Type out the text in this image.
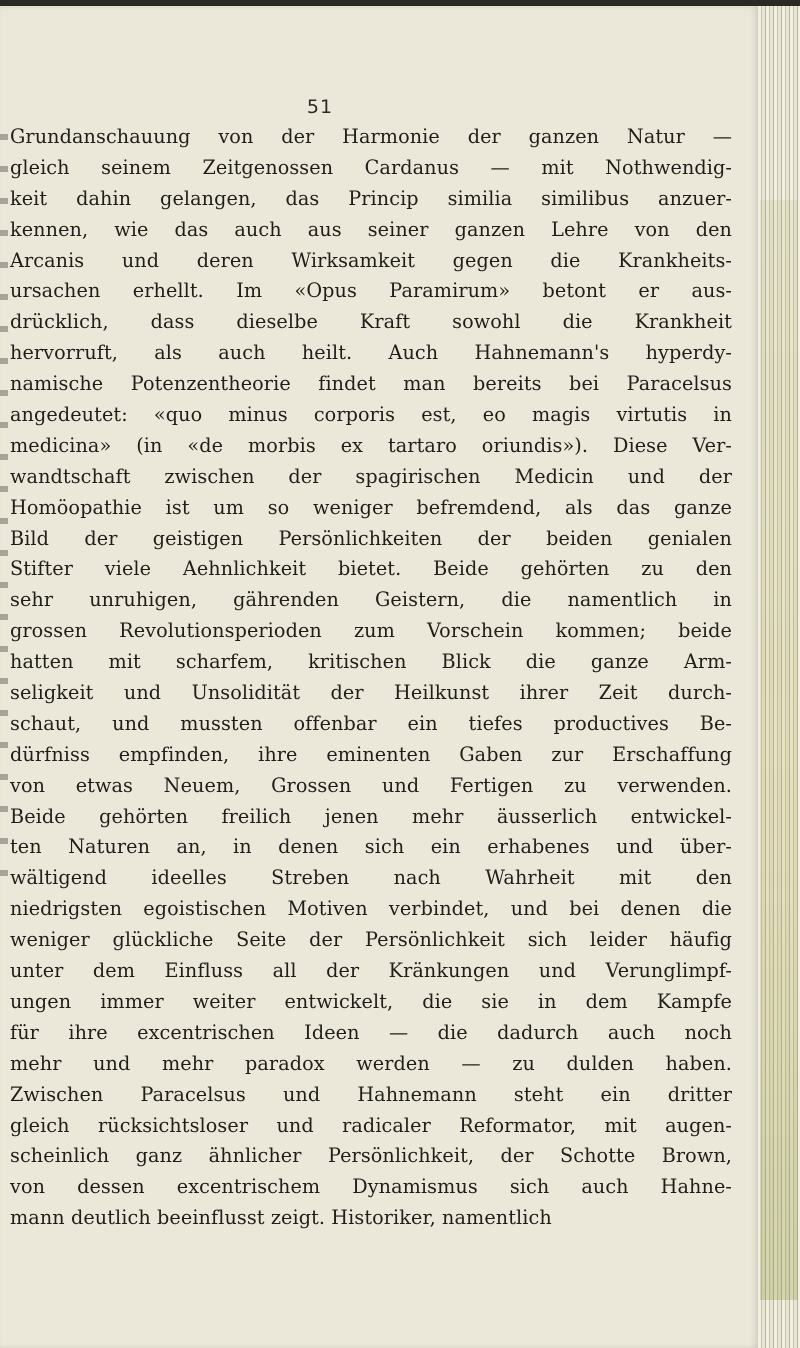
51
Grundanschauung von der Harmonie der ganzen Natur —
gleich seinem Zeitgenossen Cardanus — mit Nothwendig-
keit dahin gelangen, das Princip similia similibus anzuer-
kennen, wie das auch aus seiner ganzen Lehre von den
Arcanis und deren Wirksamkeit gegen die Krankheits-
ursachen erhellt. Im «Opus Paramirum» betont er aus-
drücklich, dass dieselbe Kraft sowohl die Krankheit
hervorruft, als auch heilt. Auch Hahnemann's hyperdy-
namische Potenzentheorie findet man bereits bei Paracelsus
angedeutet: «quo minus corporis est, eo magis virtutis in
medicina» (in «de morbis ex tartaro oriundis»). Diese Ver-
wandtschaft zwischen der spagirischen Medicin und der
Homöopathie ist um so weniger befremdend, als das ganze
Bild der geistigen Persönlichkeiten der beiden genialen
Stifter viele Aehnlichkeit bietet. Beide gehörten zu den
sehr unruhigen, gährenden Geistern, die namentlich in
grossen Revolutionsperioden zum Vorschein kommen; beide
hatten mit scharfem, kritischen Blick die ganze Arm-
seligkeit und Unsolidität der Heilkunst ihrer Zeit durch-
schaut, und mussten offenbar ein tiefes productives Be-
dürfniss empfinden, ihre eminenten Gaben zur Erschaffung
von etwas Neuem, Grossen und Fertigen zu verwenden.
Beide gehörten freilich jenen mehr äusserlich entwickel-
ten Naturen an, in denen sich ein erhabenes und über-
wältigend ideelles Streben nach Wahrheit mit den
niedrigsten egoistischen Motiven verbindet, und bei denen die
weniger glückliche Seite der Persönlichkeit sich leider häufig
unter dem Einfluss all der Kränkungen und Verunglimpf-
ungen immer weiter entwickelt, die sie in dem Kampfe
für ihre excentrischen Ideen — die dadurch auch noch
mehr und mehr paradox werden — zu dulden haben.
Zwischen Paracelsus und Hahnemann steht ein dritter
gleich rücksichtsloser und radicaler Reformator, mit augen-
scheinlich ganz ähnlicher Persönlichkeit, der Schotte Brown,
von dessen excentrischem Dynamismus sich auch Hahne-
mann deutlich beeinflusst zeigt. Historiker, namentlich
